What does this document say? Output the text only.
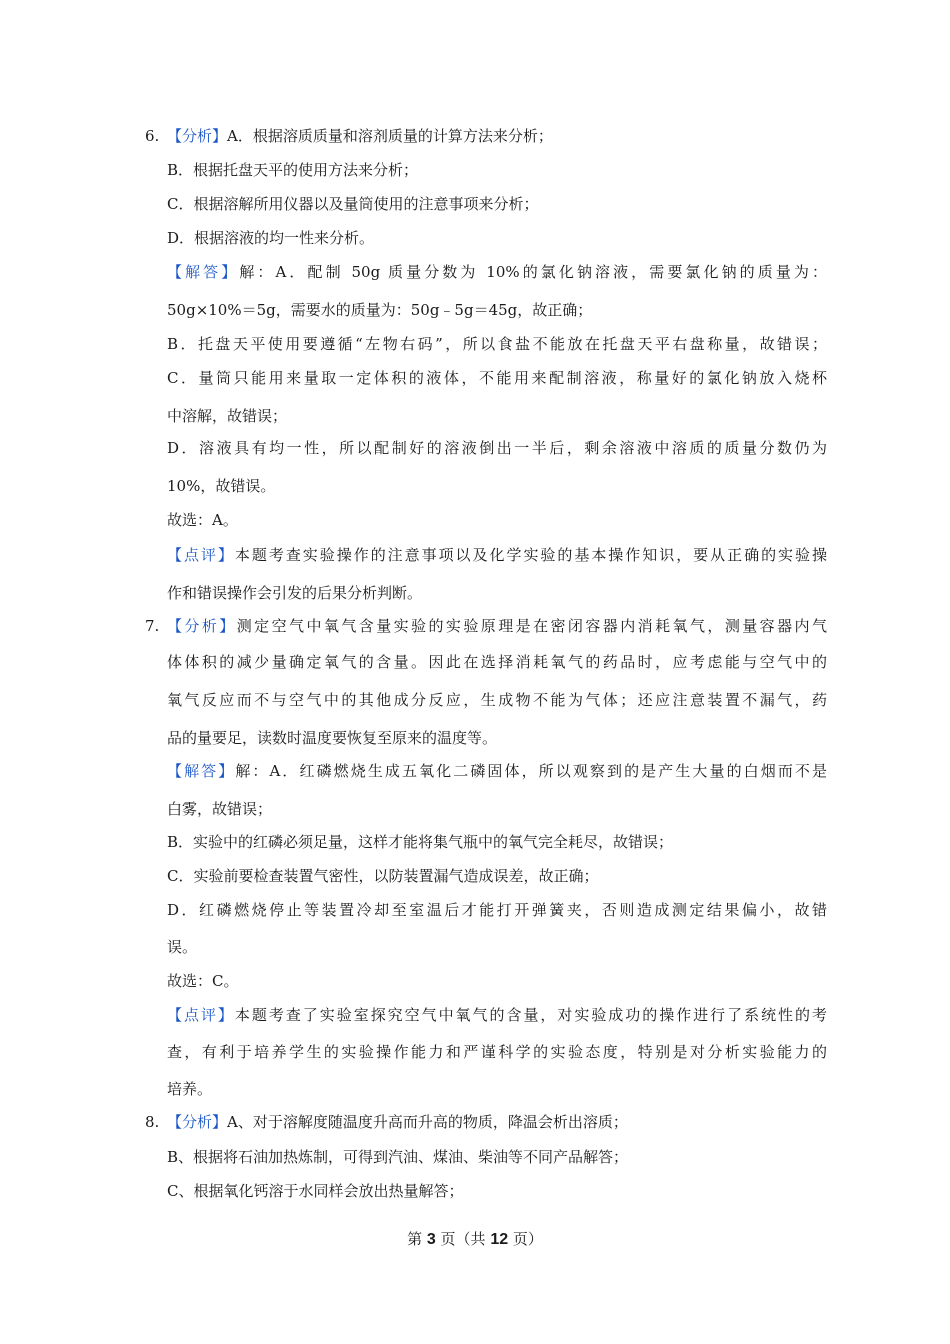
6. 【分析】A．根据溶质质量和溶剂质量的计算方法来分析；
B．根据托盘天平的使用方法来分析；
C．根据溶解所用仪器以及量筒使用的注意事项来分析；
D．根据溶液的均一性来分析。
【解答】解：A．配制 50g 质量分数为 10%的氯化钠溶液，需要氯化钠的质量为：
50g×10%＝5g，需要水的质量为：50g﹣5g＝45g，故正确；
B．托盘天平使用要遵循“左物右码”，所以食盐不能放在托盘天平右盘称量，故错误；
C．量筒只能用来量取一定体积的液体，不能用来配制溶液，称量好的氯化钠放入烧杯
中溶解，故错误；
D．溶液具有均一性，所以配制好的溶液倒出一半后，剩余溶液中溶质的质量分数仍为
10%，故错误。
故选：A。
【点评】本题考查实验操作的注意事项以及化学实验的基本操作知识，要从正确的实验操
作和错误操作会引发的后果分析判断。
7. 【分析】测定空气中氧气含量实验的实验原理是在密闭容器内消耗氧气，测量容器内气
体体积的减少量确定氧气的含量。因此在选择消耗氧气的药品时，应考虑能与空气中的
氧气反应而不与空气中的其他成分反应，生成物不能为气体；还应注意装置不漏气，药
品的量要足，读数时温度要恢复至原来的温度等。
【解答】解：A．红磷燃烧生成五氧化二磷固体，所以观察到的是产生大量的白烟而不是
白雾，故错误；
B．实验中的红磷必须足量，这样才能将集气瓶中的氧气完全耗尽，故错误；
C．实验前要检查装置气密性，以防装置漏气造成误差，故正确；
D．红磷燃烧停止等装置冷却至室温后才能打开弹簧夹，否则造成测定结果偏小，故错
误。
故选：C。
【点评】本题考查了实验室探究空气中氧气的含量，对实验成功的操作进行了系统性的考
查，有利于培养学生的实验操作能力和严谨科学的实验态度，特别是对分析实验能力的
培养。
8. 【分析】A、对于溶解度随温度升高而升高的物质，降温会析出溶质；
B、根据将石油加热炼制，可得到汽油、煤油、柴油等不同产品解答；
C、根据氧化钙溶于水同样会放出热量解答；
第 3 页（共 12 页）
